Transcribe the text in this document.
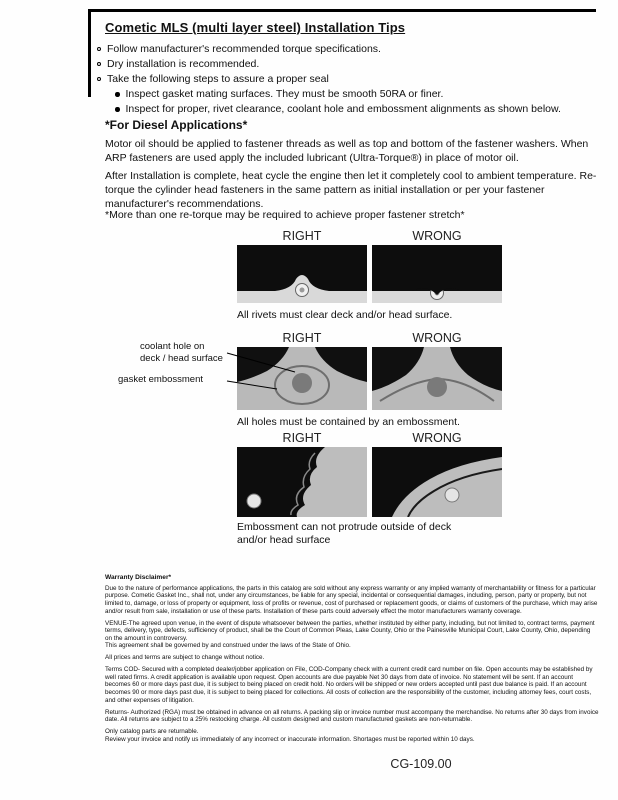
Cometic MLS (multi layer steel) Installation Tips
Follow manufacturer's recommended torque specifications.
Dry installation is recommended.
Take the following steps to assure a proper seal
Inspect gasket mating surfaces. They must be smooth 50RA or finer.
Inspect for proper, rivet clearance, coolant hole and embossment alignments as shown below.
*For Diesel Applications*
Motor oil should be applied to fastener threads as well as top and bottom of the fastener washers. When ARP fasteners are used apply the included lubricant (Ultra-Torque®) in place of motor oil.
After Installation is complete, heat cycle the engine then let it completely cool to ambient temperature. Re-torque the cylinder head fasteners in the same pattern as initial installation or per your fastener manufacturer's recommendations.
*More than one re-torque may be required to achieve proper fastener stretch*
RIGHT	WRONG
All rivets must clear deck and/or head surface.
RIGHT	WRONG
coolant hole on
deck / head surface
gasket embossment
All holes must be contained by an embossment.
RIGHT	WRONG
Embossment can not protrude outside of deck
and/or head surface
Warranty Disclaimer*

Due to the nature of performance applications, the parts in this catalog are sold without any express warranty or any implied warranty of merchantability or fitness for a particular purpose. Cometic Gasket Inc., shall not, under any circumstances, be liable for any special, incidental or consequential damages, including, person, party or property, but not limited to, damage, or loss of property or equipment, loss of profits or revenue, cost of purchased or replacement goods, or claims of customers of the purchase, which may arise and/or result from sale, installation or use of these parts. Installation of these parts could adversely effect the motor manufacturers warranty coverage.

VENUE-The agreed upon venue, in the event of dispute whatsoever between the parties, whether instituted by either party, including, but not limited to, contract terms, payment terms, delivery, type, defects, sufficiency of product, shall be the Court of Common Pleas, Lake County, Ohio or the Painesville Municipal Court, Lake County, Ohio, depending on the amount in controversy.

This agreement shall be governed by and construed under the laws of the State of Ohio.

All prices and terms are subject to change without notice.

Terms COD- Secured with a completed dealer/jobber application on File, COD-Company check with a current credit card number on file. Open accounts may be established by well rated firms. A credit application is available upon request. Open accounts are due payable Net 30 days from date of invoice. No statement will be sent. If an account becomes 60 or more days past due, it is subject to being placed on credit hold. No orders will be shipped or new orders accepted until past due balance is paid. If an account becomes 90 or more days past due, it is subject to being placed for collections. All costs of collection are the responsibility of the customer, including attorney fees, court costs, and other expenses of litigation.

Returns- Authorized (RGA) must be obtained in advance on all returns. A packing slip or invoice number must accompany the merchandise. No returns after 30 days from invoice date. All returns are subject to a 25% restocking charge. All custom designed and custom manufactured gaskets are non-returnable.

Only catalog parts are returnable.

Review your invoice and notify us immediately of any incorrect or inaccurate information. Shortages must be reported within 10 days.

CG-109.00
